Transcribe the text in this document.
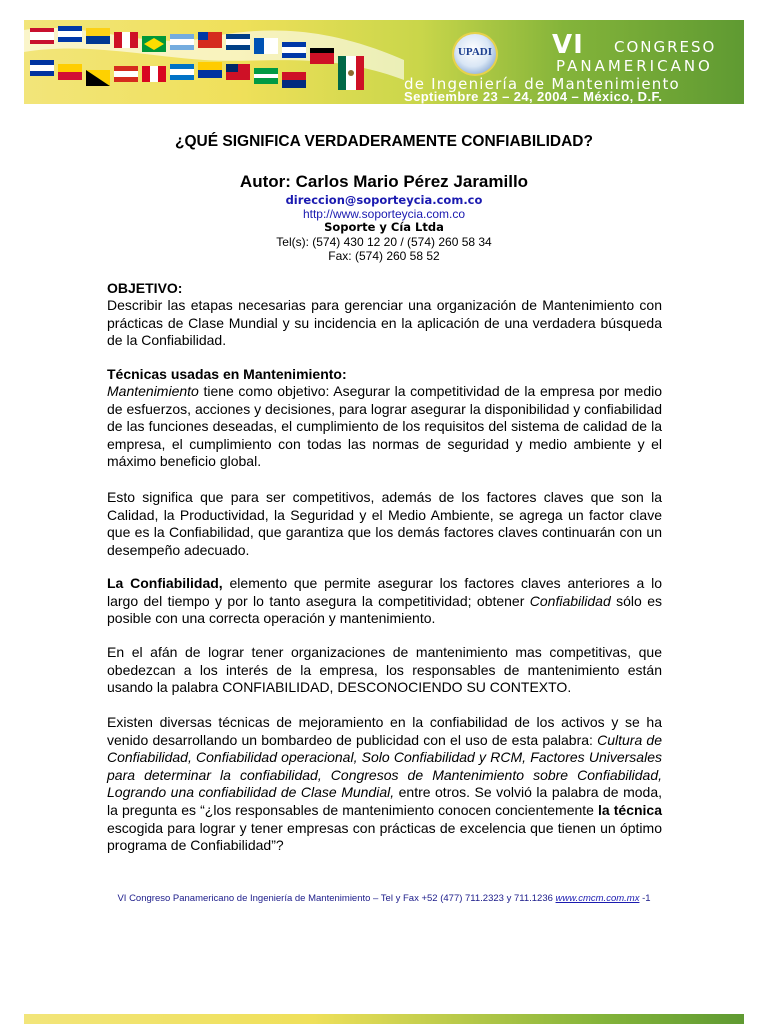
UPADI VI CONGRESO
PANAMERICANO
de Ingeniería de Mantenimiento
Septiembre 23 – 24, 2004 – México, D.F.
¿QUÉ SIGNIFICA VERDADERAMENTE CONFIABILIDAD?
Autor: Carlos Mario Pérez Jaramillo
direccion@soporteycia.com.co
http://www.soporteycia.com.co
Soporte y Cía Ltda
Tel(s): (574) 430 12 20 / (574) 260 58 34
Fax: (574) 260 58 52
OBJETIVO:
Describir las etapas necesarias para gerenciar una organización de Mantenimiento con prácticas de Clase Mundial y su incidencia en la aplicación de una verdadera búsqueda de la Confiabilidad.
Técnicas usadas en Mantenimiento:
Mantenimiento tiene como objetivo: Asegurar la competitividad de la empresa por medio de esfuerzos, acciones y decisiones, para lograr asegurar la disponibilidad y confiabilidad de las funciones deseadas, el cumplimiento de los requisitos del sistema de calidad de la empresa, el cumplimiento con todas las normas de seguridad y medio ambiente y el máximo beneficio global.
Esto significa que para ser competitivos, además de los factores claves que son la Calidad, la Productividad, la Seguridad y el Medio Ambiente, se agrega un factor clave que es la Confiabilidad, que garantiza que los demás factores claves continuarán con un desempeño adecuado.
La Confiabilidad, elemento que permite asegurar los factores claves anteriores a lo largo del tiempo y por lo tanto asegura la competitividad; obtener Confiabilidad sólo es posible con una correcta operación y mantenimiento.
En el afán de lograr tener organizaciones de mantenimiento mas competitivas, que obedezcan a los interés de la empresa, los responsables de mantenimiento están usando la palabra CONFIABILIDAD, DESCONOCIENDO SU CONTEXTO.
Existen diversas técnicas de mejoramiento en la confiabilidad de los activos y se ha venido desarrollando un bombardeo de publicidad con el uso de esta palabra: Cultura de Confiabilidad, Confiabilidad operacional, Solo Confiabilidad y RCM, Factores Universales para determinar la confiabilidad, Congresos de Mantenimiento sobre Confiabilidad, Logrando una confiabilidad de Clase Mundial, entre otros. Se volvió la palabra de moda, la pregunta es “¿los responsables de mantenimiento conocen concientemente la técnica escogida para lograr y tener empresas con prácticas de excelencia que tienen un óptimo programa de Confiabilidad”?
VI Congreso Panamericano de Ingeniería de Mantenimiento – Tel y Fax +52 (477) 711.2323 y 711.1236 www.cmcm.com.mx -1
